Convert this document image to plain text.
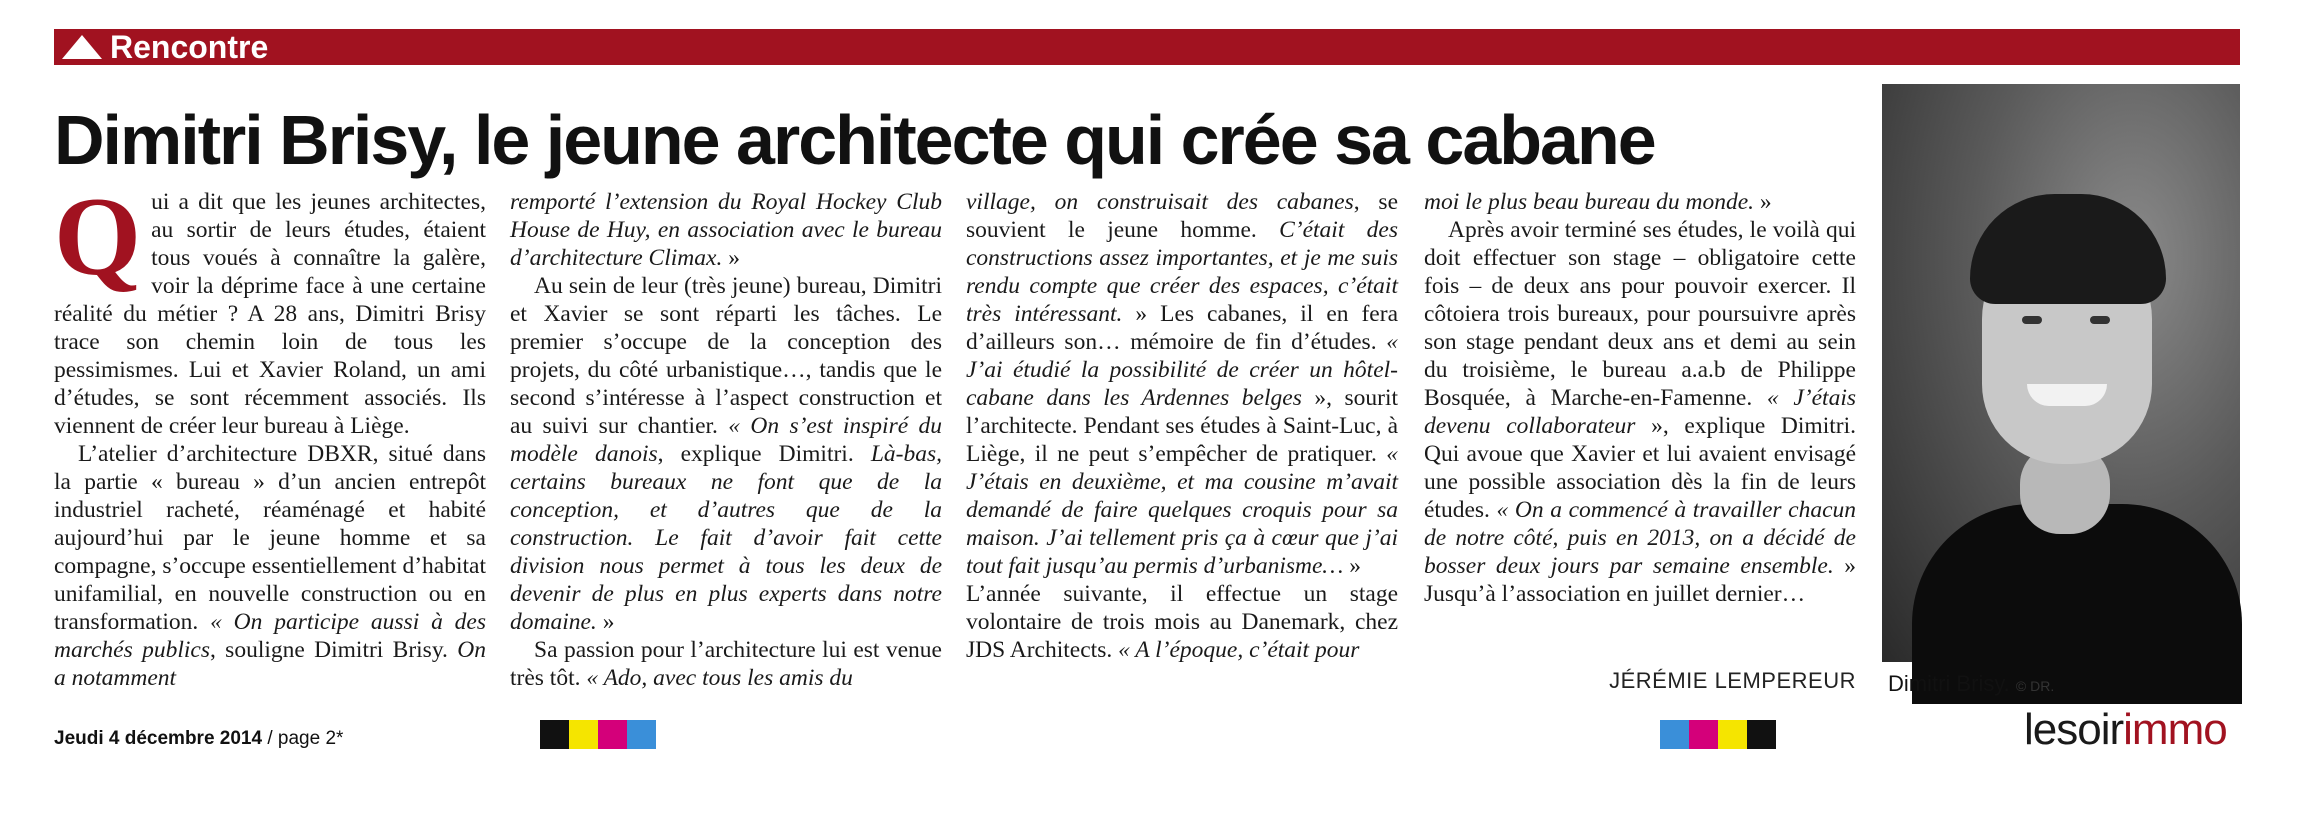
Rencontre
Dimitri Brisy, le jeune architecte qui crée sa cabane

Qui a dit que les jeunes architectes, au sortir de leurs études, étaient tous voués à connaître la galère, voir la déprime face à une certaine réalité du métier ? A 28 ans, Dimitri Brisy trace son chemin loin de tous les pessimismes. Lui et Xavier Roland, un ami d’études, se sont récemment associés. Ils viennent de créer leur bureau à Liège.

L’atelier d’architecture DBXR, situé dans la partie « bureau » d’un ancien entrepôt industriel racheté, réaménagé et habité aujourd’hui par le jeune homme et sa compagne, s’occupe essentiellement d’habitat unifamilial, en nouvelle construction ou en transformation. « On participe aussi à des marchés publics, souligne Dimitri Brisy. On a notamment

remporté l’extension du Royal Hockey Club House de Huy, en association avec le bureau d’architecture Climax. »

Au sein de leur (très jeune) bureau, Dimitri et Xavier se sont réparti les tâches. Le premier s’occupe de la conception des projets, du côté urbanistique…, tandis que le second s’intéresse à l’aspect construction et au suivi sur chantier. « On s’est inspiré du modèle danois, explique Dimitri. Là-bas, certains bureaux ne font que de la conception, et d’autres que de la construction. Le fait d’avoir fait cette division nous permet à tous les deux de devenir de plus en plus experts dans notre domaine. »

Sa passion pour l’architecture lui est venue très tôt. « Ado, avec tous les amis du

village, on construisait des cabanes, se souvient le jeune homme. C’était des constructions assez importantes, et je me suis rendu compte que créer des espaces, c’était très intéressant. » Les cabanes, il en fera d’ailleurs son… mémoire de fin d’études. « J’ai étudié la possibilité de créer un hôtel-cabane dans les Ardennes belges », sourit l’architecte. Pendant ses études à Saint-Luc, à Liège, il ne peut s’empêcher de pratiquer. « J’étais en deuxième, et ma cousine m’avait demandé de faire quelques croquis pour sa maison. J’ai tellement pris ça à cœur que j’ai tout fait jusqu’au permis d’urbanisme… »

L’année suivante, il effectue un stage volontaire de trois mois au Danemark, chez JDS Architects. « A l’époque, c’était pour

moi le plus beau bureau du monde. »

Après avoir terminé ses études, le voilà qui doit effectuer son stage – obligatoire cette fois – de deux ans pour pouvoir exercer. Il côtoiera trois bureaux, pour poursuivre après son stage pendant deux ans et demi au sein du troisième, le bureau a.a.b de Philippe Bosquée, à Marche-en-Famenne. « J’étais devenu collaborateur », explique Dimitri. Qui avoue que Xavier et lui avaient envisagé une possible association dès la fin de leurs études. « On a commencé à travailler chacun de notre côté, puis en 2013, on a décidé de bosser deux jours par semaine ensemble. » Jusqu’à l’association en juillet dernier…

JÉRÉMIE LEMPEREUR Dimitri Brisy. © DR.
Jeudi 4 décembre 2014 / page 2*	lesoirimmo
